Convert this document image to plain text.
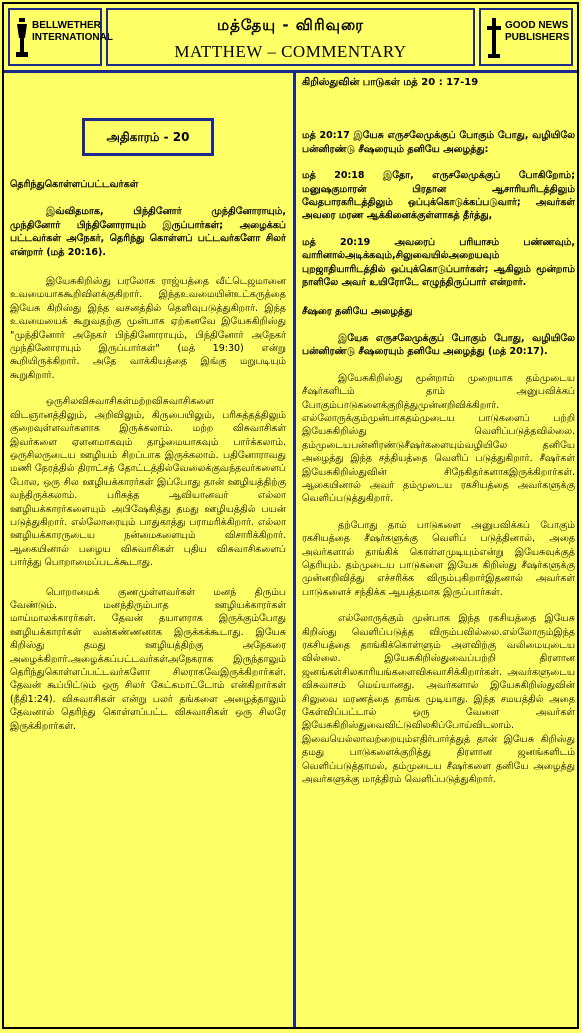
BELLWETHER
INTERNATIONAL
மத்தேயு - விரிவுரை
MATTHEW – COMMENTARY
GOOD NEWS
PUBLISHERS
அதிகாரம் - 20

தெரிந்துகொள்ளப்பட்டவர்கள்

இவ்விதமாக, பிந்தினோர் முந்தினோராயும், முந்தினோர் பிந்தினோராயும் இருப்பார்கள்; அழைக்கப் பட்டவர்கள் அநேகர், தெரிந்து கொள்ளப் பட்டவர்களோ சிலர் என்றார் (மத் 20:16).

இயேசுகிறிஸ்து பரலோக ராஜ்யத்தை வீட்டெஜமானை உவமையாககூறிவிளக்குகிறார். இந்தஉவமையின்உட்கருத்தை இயேசு கிறிஸ்து இந்த வசனத்தில் தெளிவுபடுத்துகிறார். இந்த உவமையைக் கூறுவதற்கு முன்பாக ஏற்கனவே இயேசுகிறிஸ்து "முந்தினோர் அநேகர் பிந்தினோராயும், பிந்தினோர் அநேகர் முந்தினோராயும் இருப்பார்கள்" (மத் 19:30) என்று கூறியிருக்கிறார். அதே வாக்கியத்தை இங்கு மறுபடியும் கூறுகிறார்.

ஒருசிலவிசுவாசிகள்மற்றவிசுவாசிகளை விடஞானத்திலும், அறிவிலும், கிருபையிலும், பரிசுத்தத்திலும் குறைவுள்ளவர்களாக இருக்கலாம். மற்ற விசுவாசிகள் இவர்களை ஏளனமாகவும் தாழ்மையாகவும் பார்க்கலாம். ஒருசிலருடைய ஊழியம் சிறப்பாக இருக்கலாம். பதினோராவது மணி நேரத்தில் திராட்சத் தோட்டத்தில்வேலைக்குவந்தவர்களைப் போல, ஒரு சில ஊழியக்காரர்கள் இப்போது தான் ஊழியத்திற்கு வந்திருக்கலாம். பரிசுத்த ஆவியானவர் எல்லா ஊழியக்காரர்களையும் அபிஷேகித்து தமது ஊழியத்தில் பயன் படுத்துகிறார். எல்லோரையும் பாதுகாத்து பராமரிக்கிறார். எல்லா ஊழியக்காரருடைய நன்மைகளையும் விசாரிக்கிறார். ஆகையினால் பழைய விசுவாசிகள் புதிய விசுவாசிகளைப் பார்த்து பொறாமைப்படக்கூடாது.

பொறாமைக் குணமுள்ளவர்கள் மனந் திரும்ப வேண்டும். மனந்திரும்பாத ஊழியக்காரர்கள் மாய்மாலக்காரர்கள். தேவன் தயாளராக இருக்கும்போது ஊழியக்காரர்கள் வன்கண்ணனாக இருக்கக்கூடாது. இயேசு கிறிஸ்து தமது ஊழியத்திற்கு அநேகரை அழைக்கிறார்.அழைக்கப்பட்டவர்கள்அநேகராக இருந்தாலும் தெரிந்துகொள்ளப்பட்டவர்களோ சிலராகவேஇருக்கிறார்கள். தேவன் கூப்பிட்டும் ஒரு சிலர் கேட்கமாட்டோம் என்கிறார்கள் (நீதி1:24). விசுவாசிகள் என்று பலர் தங்களை அழைத்தாலும் தேவனால் தெரிந்து கொள்ளப்பட்ட விசுவாசிகள் ஒரு சிலரே இருக்கிறார்கள்.

கிறிஸ்துவின் பாடுகள் மத் 20 : 17-19

மத் 20:17 இயேசு எருசலேமுக்குப் போகும் போது, வழியிலே பன்னிரண்டு சீஷரையும் தனியே அழைத்து:

மத் 20:18 இதோ, எருசலேமுக்குப் போகிறோம்; மனுஷகுமாரன் பிரதான ஆசாரியரிடத்திலும் வேதபாரகரிடத்திலும் ஒப்புக்கொடுக்கப்படுவார்; அவர்கள் அவரை மரண ஆக்கினைக்குள்ளாகத் தீர்த்து,

மத் 20:19 அவரைப் பரியாசம் பண்ணவும், வாரினால்அடிக்கவும்,சிலுவையில்அறையவும் புறஜாதியாரிடத்தில் ஒப்புக்கொடுப்பார்கள்; ஆகிலும் மூன்றாம் நாளிலே அவர் உயிரோடே எழுந்திருப்பார் என்றார்.

சீஷரை தனியே அழைத்து

இயேசு எருசலேமுக்குப் போகும் போது, வழியிலே பன்னிரண்டு சீஷரையும் தனியே அழைத்து (மத் 20:17).

இயேசுகிறிஸ்து மூன்றாம் முறையாக தம்முடைய சீஷர்களிடம் தாம் அனுபவிக்கப் போகும்பாடுகளைக்குறித்துமுன்னறிவிக்கிறார். எல்லோருக்கும்முன்பாகதம்முடைய பாடுகளைப் பற்றி இயேசுகிறிஸ்து வெளிப்படுத்தவில்லை. தம்முடையபன்னிரண்டுசீஷர்களையும்வழியிலே தனியே அழைத்து இந்த சத்தியத்தை வெளிப் படுத்துகிறார். சீஷர்கள் இயேசுகிறிஸ்துவின் சிநேகிதர்களாகஇருக்கிறார்கள். ஆகையினால் அவர் தம்முடைய ரகசியத்தை அவர்களுக்கு வெளிப்படுத்துகிறார்.

தற்போது தாம் பாடுகளை அனுபவிக்கப் போகும் ரகசியத்தை சீஷர்களுக்கு வெளிப் படுத்தினால், அதை அவர்களால் தாங்கிக் கொள்ளமுடியும்என்று இயேசுவுக்குத் தெரியும். தம்முடைய பாடுகளை இயேசு கிறிஸ்து சீஷர்களுக்கு முன்னறிவித்து எச்சரிக்க விரும்புகிறார்இதனால் அவர்கள் பாடுகளைச் சந்திக்க ஆயத்தமாக இருப்பார்கள்.

எல்லோருக்கும் முன்பாக இந்த ரகசியத்தை இயேசு கிறிஸ்து வெளிப்படுத்த விரும்பவில்லை.எல்லோரும்இந்த ரகசியத்தை தாங்கிக்கொள்ளும் அளவிற்கு வலிமையுடைய வில்லை. இயேசுகிறிஸ்துவைப்பற்றி திரளான ஜனங்கள்சிலகாரியங்களைவிசுவாசிக்கிறார்கள். அவர்களுடைய விசுவாசம் மெய்யானது. அவர்களால் இயேசுகிறிஸ்துவின் சிலுவை மரணத்தை தாங்க முடியாது. இந்த சமயத்தில் அதை கேள்விப்பட்டால் ஒரு வேளை அவர்கள் இயேசுகிறிஸ்துவைவிட்டுவிலகிப்போய்விடலாம். இவையெல்லாவற்றையும்எதிர்பார்த்துத் தான் இயேசு கிறிஸ்து தமது பாடுகளைக்குறித்து திரளான ஜனங்களிடம் வெளிப்படுத்தாமல், தம்முடைய சீஷர்களை தனியே அழைத்து அவர்களுக்கு மாத்திரம் வெளிப்படுத்துகிறார்.
